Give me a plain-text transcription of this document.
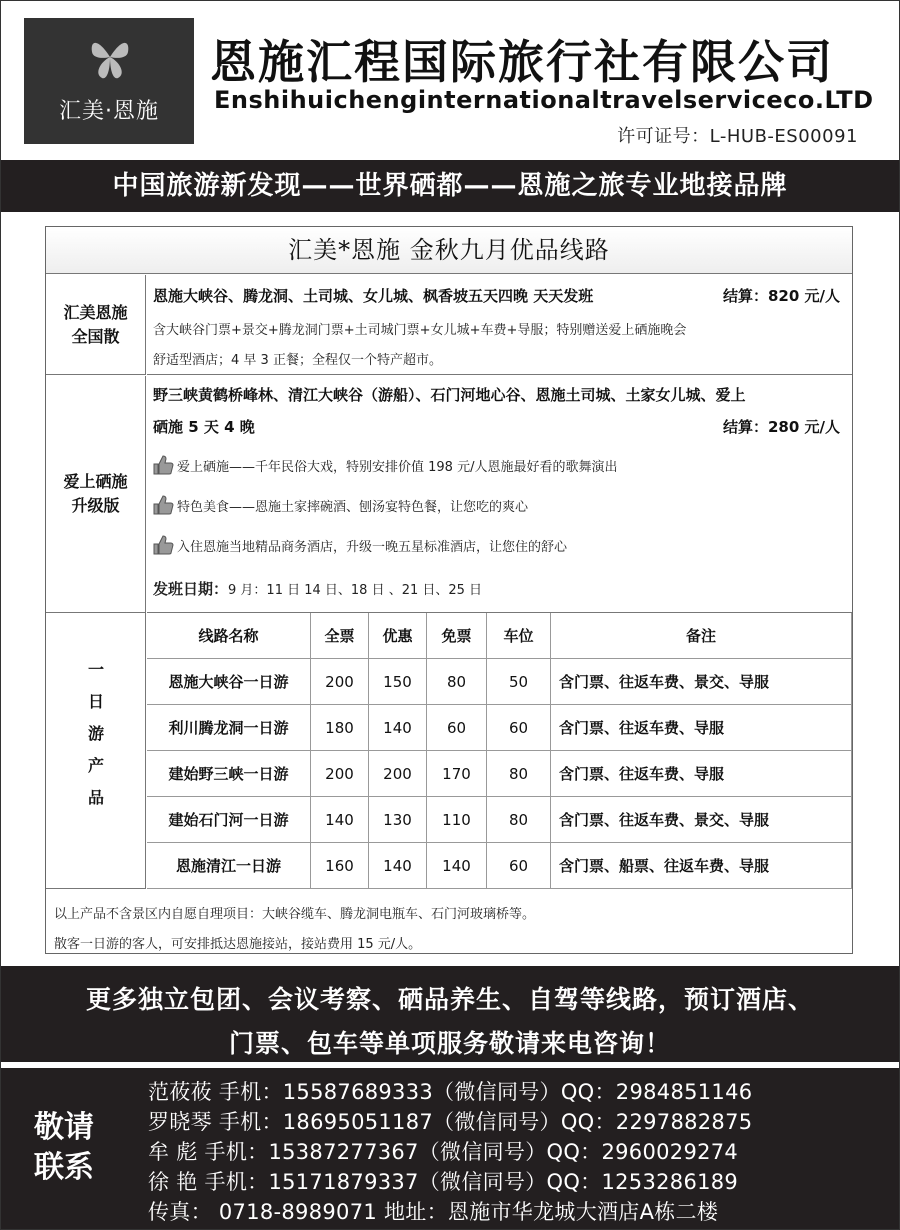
汇美·恩施
恩施汇程国际旅行社有限公司
Enshihuichenginternationaltravelserviceco.LTD
许可证号：L-HUB-ES00091
中国旅游新发现——世界硒都——恩施之旅专业地接品牌
汇美*恩施 金秋九月优品线路
汇美恩施
全国散
恩施大峡谷、腾龙洞、土司城、女儿城、枫香坡五天四晚 天天发班	结算：820 元/人
含大峡谷门票+景交+腾龙洞门票+土司城门票+女儿城+车费+导服；特别赠送爱上硒施晚会
舒适型酒店；4 早 3 正餐；全程仅一个特产超市。
爱上硒施
升级版
野三峡黄鹤桥峰林、清江大峡谷（游船）、石门河地心谷、恩施土司城、土家女儿城、爱上
硒施 5 天 4 晚	结算：280 元/人
爱上硒施——千年民俗大戏，特别安排价值 198 元/人恩施最好看的歌舞演出
特色美食——恩施土家摔碗酒、刨汤宴特色餐，让您吃的爽心
入住恩施当地精品商务酒店，升级一晚五星标准酒店，让您住的舒心
发班日期：9 月：11 日 14 日、18 日 、21 日、25 日
一
日
游
产
品
线路名称	全票	优惠	免票	车位	备注
恩施大峡谷一日游	200	150	80	50	含门票、往返车费、景交、导服
利川腾龙洞一日游	180	140	60	60	含门票、往返车费、导服
建始野三峡一日游	200	200	170	80	含门票、往返车费、导服
建始石门河一日游	140	130	110	80	含门票、往返车费、景交、导服
恩施清江一日游	160	140	140	60	含门票、船票、往返车费、导服
以上产品不含景区内自愿自理项目：大峡谷缆车、腾龙洞电瓶车、石门河玻璃桥等。
散客一日游的客人，可安排抵达恩施接站，接站费用 15 元/人。
更多独立包团、会议考察、硒品养生、自驾等线路，预订酒店、
门票、包车等单项服务敬请来电咨询！
敬请联系
范莜莜 手机：15587689333（微信同号）QQ：2984851146
罗晓琴 手机：18695051187（微信同号）QQ：2297882875
牟 彪 手机：15387277367（微信同号）QQ：2960029274
徐 艳 手机：15171879337（微信同号）QQ：1253286189
传真： 0718-8989071 地址：恩施市华龙城大酒店A栋二楼
